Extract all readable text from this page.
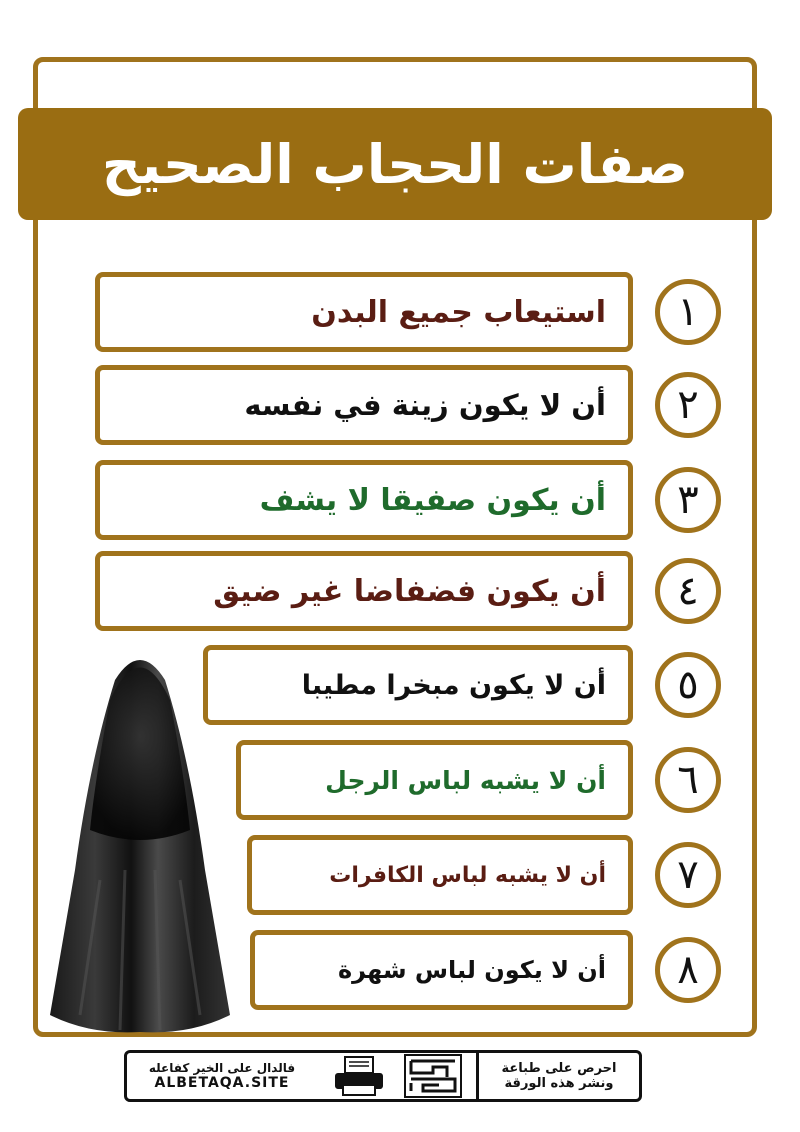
صفات الحجاب الصحيح
استيعاب جميع البدن ١
أن لا يكون زينة في نفسه ٢
أن يكون صفيقا لا يشف ٣
أن يكون فضفاضا غير ضيق ٤
أن لا يكون مبخرا مطيبا ٥
أن لا يشبه لباس الرجل ٦
أن لا يشبه لباس الكافرات ٧
أن لا يكون لباس شهرة ٨
فالدال على الخير كفاعله
ALBETAQA.SITE
احرص على طباعة
ونشر هذه الورقة
